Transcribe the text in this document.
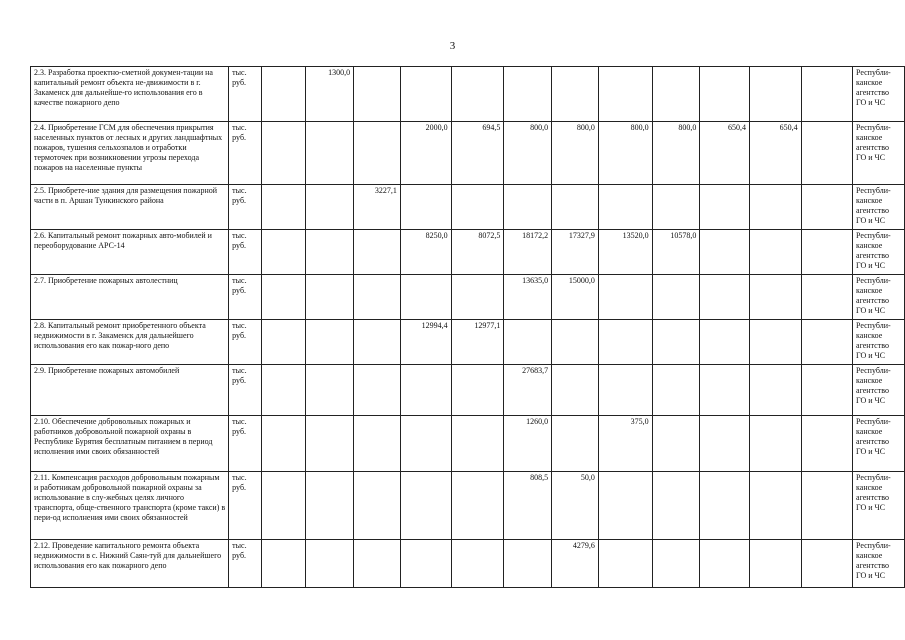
3
2.3. Разработка проектно-сметной докумен-тации на капитальный ремонт объекта не-движимости в г. Закаменск для дальнейше-го использования его в качестве пожарного депо	тыс. руб.		1300,0											Республи-канское агентство ГО и ЧС
2.4. Приобретение ГСМ для обеспечения прикрытия населенных пунктов от лесных и других ландшафтных пожаров, тушения сельхозпалов и отработки термоточек при возникновении угрозы перехода пожаров на населенные пункты	тыс. руб.				2000,0	694,5	800,0	800,0	800,0	800,0	650,4	650,4		Республи-канское агентство ГО и ЧС
2.5. Приобрете-ние здания для размещения пожарной части в п. Аршан Тункинского района	тыс. руб.			3227,1										Республи-канское агентство ГО и ЧС
2.6. Капитальный ремонт пожарных авто-мобилей и переоборудование АРС-14	тыс. руб.				8250,0	8072,5	18172,2	17327,9	13520,0	10578,0				Республи-канское агентство ГО и ЧС
2.7. Приобретение пожарных автолестниц	тыс. руб.						13635,0	15000,0						Республи-канское агентство ГО и ЧС
2.8. Капитальный ремонт приобретенного объекта недвижимости в г. Закаменск для дальнейшего использования его как пожар-ного депо	тыс. руб.				12994,4	12977,1								Республи-канское агентство ГО и ЧС
2.9. Приобретение пожарных автомобилей	тыс. руб.						27683,7							Республи-канское агентство ГО и ЧС
2.10. Обеспечение добровольных пожарных и работников добровольной пожарной охраны в Республике Бурятия бесплатным питанием в период исполнения ими своих обязанностей	тыс. руб.						1260,0		375,0					Республи-канское агентство ГО и ЧС
2.11. Компенсация расходов добровольным пожарным и работникам добровольной пожарной охраны за использование в слу-жебных целях личного транспорта, обще-ственного транспорта (кроме такси) в пери-од исполнения ими своих обязанностей	тыс. руб.						808,5	50,0						Республи-канское агентство ГО и ЧС
2.12. Проведение капитального ремонта объекта недвижимости в с. Нижний Саян-туй для дальнейшего использования его как пожарного депо	тыс. руб.							4279,6						Республи-канское агентство ГО и ЧС
